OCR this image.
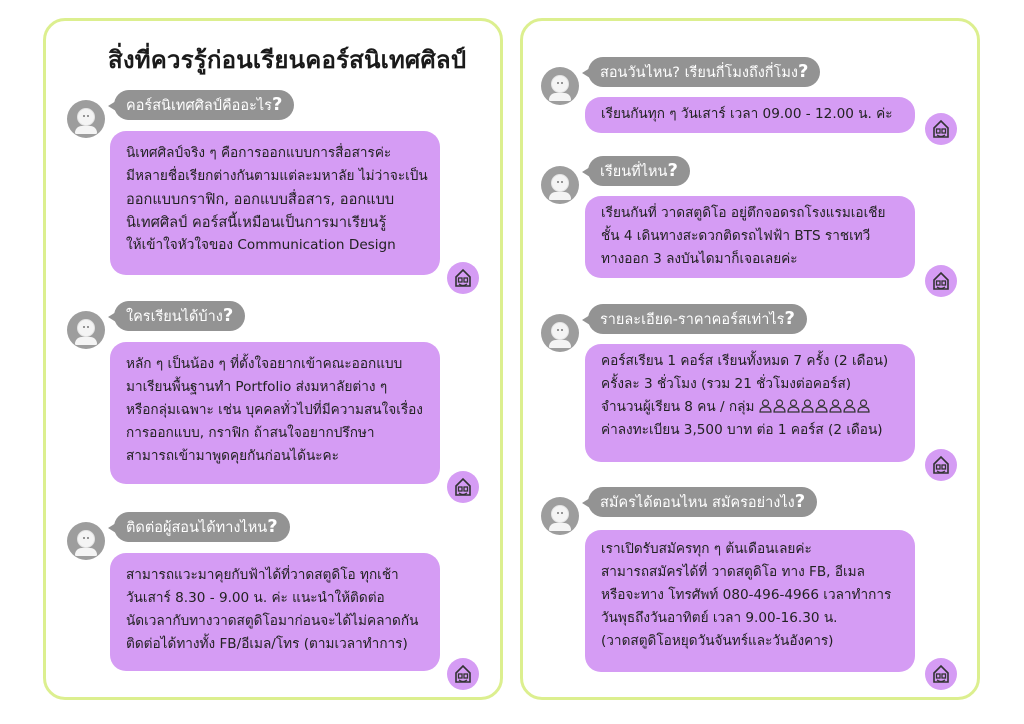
สิ่งที่ควรรู้ก่อนเรียนคอร์สนิเทศศิลป์
คอร์สนิเทศศิลป์คืออะไร?
นิเทศศิลป์จริง ๆ คือการออกแบบการสื่อสารค่ะ
มีหลายชื่อเรียกต่างกันตามแต่ละมหาลัย ไม่ว่าจะเป็น
ออกแบบกราฟิก, ออกแบบสื่อสาร, ออกแบบ
นิเทศศิลป์ คอร์สนี้เหมือนเป็นการมาเรียนรู้
ให้เข้าใจหัวใจของ Communication Design
ใครเรียนได้บ้าง?
หลัก ๆ เป็นน้อง ๆ ที่ตั้งใจอยากเข้าคณะออกแบบ
มาเรียนพื้นฐานทำ Portfolio ส่งมหาลัยต่าง ๆ
หรือกลุ่มเฉพาะ เช่น บุคคลทั่วไปที่มีความสนใจเรื่อง
การออกแบบ, กราฟิก ถ้าสนใจอยากปรึกษา
สามารถเข้ามาพูดคุยกันก่อนได้นะคะ
ติดต่อผู้สอนได้ทางไหน?
สามารถแวะมาคุยกับฟ้าได้ที่วาดสตูดิโอ ทุกเช้า
วันเสาร์ 8.30 - 9.00 น. ค่ะ แนะนำให้ติดต่อ
นัดเวลากับทางวาดสตูดิโอมาก่อนจะได้ไม่คลาดกัน
ติดต่อได้ทางทั้ง FB/อีเมล/โทร (ตามเวลาทำการ)
สอนวันไหน? เรียนกี่โมงถึงกี่โมง?
เรียนกันทุก ๆ วันเสาร์ เวลา 09.00 - 12.00 น. ค่ะ
เรียนที่ไหน?
เรียนกันที่ วาดสตูดิโอ อยู่ตึกจอดรถโรงแรมเอเชีย
ชั้น 4 เดินทางสะดวกติดรถไฟฟ้า BTS ราชเทวี
ทางออก 3 ลงบันไดมาก็เจอเลยค่ะ
รายละเอียด-ราคาคอร์สเท่าไร?
คอร์สเรียน 1 คอร์ส เรียนทั้งหมด 7 ครั้ง (2 เดือน)
ครั้งละ 3 ชั่วโมง (รวม 21 ชั่วโมงต่อคอร์ส)
จำนวนผู้เรียน 8 คน / กลุ่ม
ค่าลงทะเบียน 3,500 บาท ต่อ 1 คอร์ส (2 เดือน)
สมัครได้ตอนไหน สมัครอย่างไง?
เราเปิดรับสมัครทุก ๆ ต้นเดือนเลยค่ะ
สามารถสมัครได้ที่ วาดสตูดิโอ ทาง FB, อีเมล
หรือจะทาง โทรศัพท์ 080-496-4966 เวลาทำการ
วันพุธถึงวันอาทิตย์ เวลา 9.00-16.30 น.
(วาดสตูดิโอหยุดวันจันทร์และวันอังคาร)
